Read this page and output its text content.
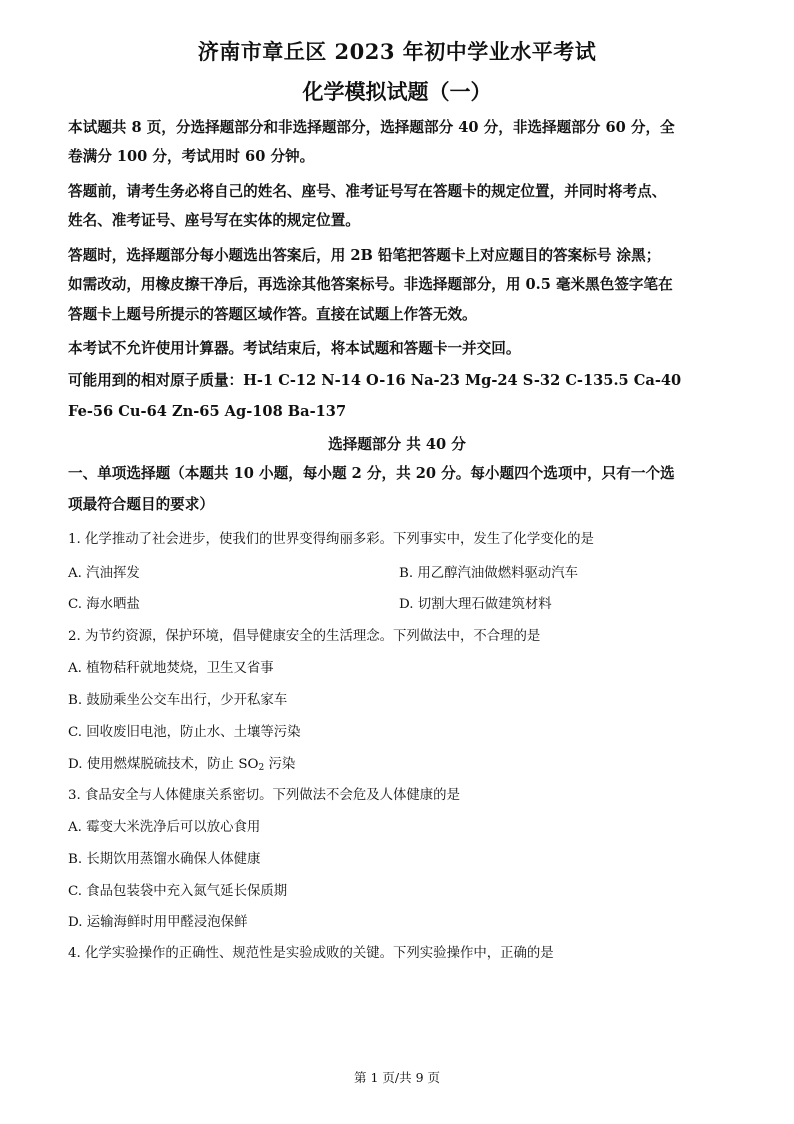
济南市章丘区 2023 年初中学业水平考试
化学模拟试题（一）
本试题共 8 页，分选择题部分和非选择题部分，选择题部分 40 分，非选择题部分 60 分，全
卷满分 100 分，考试用时 60 分钟。
答题前，请考生务必将自己的姓名、座号、准考证号写在答题卡的规定位置，并同时将考点、
姓名、准考证号、座号写在实体的规定位置。
答题时，选择题部分每小题选出答案后，用 2B 铅笔把答题卡上对应题目的答案标号 涂黑；
如需改动，用橡皮擦干净后，再选涂其他答案标号。非选择题部分，用 0.5 毫米黑色签字笔在
答题卡上题号所提示的答题区域作答。直接在试题上作答无效。
本考试不允许使用计算器。考试结束后，将本试题和答题卡一并交回。
可能用到的相对原子质量：H-1 C-12 N-14 O-16 Na-23 Mg-24 S-32 C-135.5 Ca-40
Fe-56 Cu-64 Zn-65 Ag-108 Ba-137
选择题部分 共 40 分
一、单项选择题（本题共 10 小题，每小题 2 分，共 20 分。每小题四个选项中，只有一个选
项最符合题目的要求）
1. 化学推动了社会进步，使我们的世界变得绚丽多彩。下列事实中，发生了化学变化的是
A. 汽油挥发	B. 用乙醇汽油做燃料驱动汽车
C. 海水晒盐	D. 切割大理石做建筑材料
2. 为节约资源，保护环境，倡导健康安全的生活理念。下列做法中，不合理的是
A. 植物秸秆就地焚烧，卫生又省事
B. 鼓励乘坐公交车出行，少开私家车
C. 回收废旧电池，防止水、土壤等污染
D. 使用燃煤脱硫技术，防止 $SO_2$ 污染
3. 食品安全与人体健康关系密切。下列做法不会危及人体健康的是
A. 霉变大米洗净后可以放心食用
B. 长期饮用蒸馏水确保人体健康
C. 食品包装袋中充入氮气延长保质期
D. 运输海鲜时用甲醛浸泡保鲜
4. 化学实验操作的正确性、规范性是实验成败的关键。下列实验操作中，正确的是
第 1 页/共 9 页
